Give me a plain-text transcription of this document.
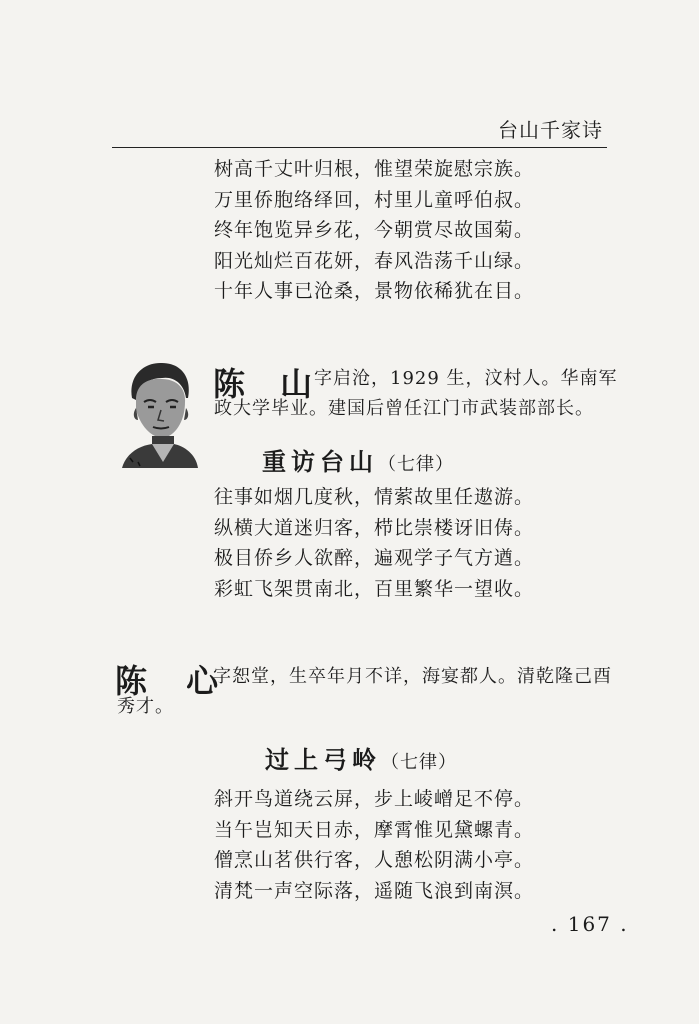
台山千家诗
树高千丈叶归根，惟望荣旋慰宗族。
万里侨胞络绎回，村里儿童呼伯叔。
终年饱览异乡花，今朝赏尽故国菊。
阳光灿烂百花妍，春风浩荡千山绿。
十年人事已沧桑，景物依稀犹在目。
陈 山
字启沧，1929 生，汶村人。华南军
政大学毕业。建国后曾任江门市武装部部长。
重访台山（七律）
往事如烟几度秋，情萦故里任遨游。
纵横大道迷归客，栉比崇楼讶旧俦。
极目侨乡人欲醉，遍观学子气方遒。
彩虹飞架贯南北，百里繁华一望收。
陈 心
字恕堂，生卒年月不详，海宴都人。清乾隆己酉
秀才。
过上弓岭（七律）
斜开鸟道绕云屏，步上崚嶒足不停。
当午岂知天日赤，摩霄惟见黛螺青。
僧烹山茗供行客，人憩松阴满小亭。
清梵一声空际落，遥随飞浪到南溟。
. 167 .
